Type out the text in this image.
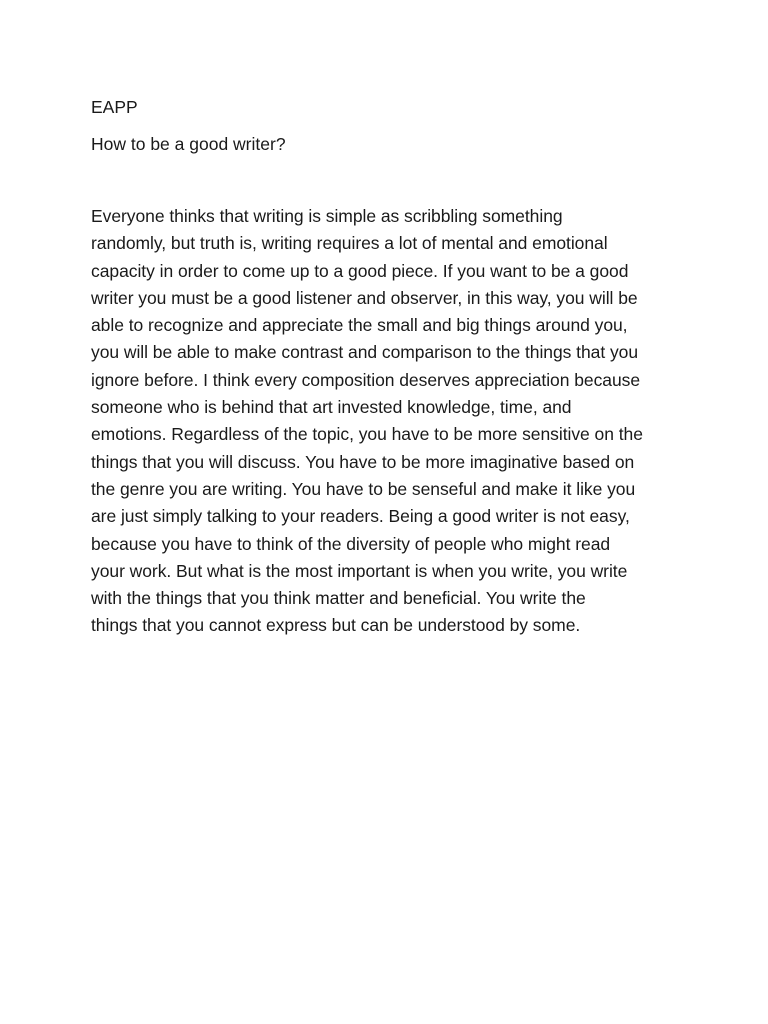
EAPP

How to be a good writer?

Everyone thinks that writing is simple as scribbling something
randomly, but truth is, writing requires a lot of mental and emotional
capacity in order to come up to a good piece. If you want to be a good
writer you must be a good listener and observer, in this way, you will be
able to recognize and appreciate the small and big things around you,
you will be able to make contrast and comparison to the things that you
ignore before. I think every composition deserves appreciation because
someone who is behind that art invested knowledge, time, and
emotions. Regardless of the topic, you have to be more sensitive on the
things that you will discuss. You have to be more imaginative based on
the genre you are writing. You have to be senseful and make it like you
are just simply talking to your readers. Being a good writer is not easy,
because you have to think of the diversity of people who might read
your work. But what is the most important is when you write, you write
with the things that you think matter and beneficial. You write the
things that you cannot express but can be understood by some.
